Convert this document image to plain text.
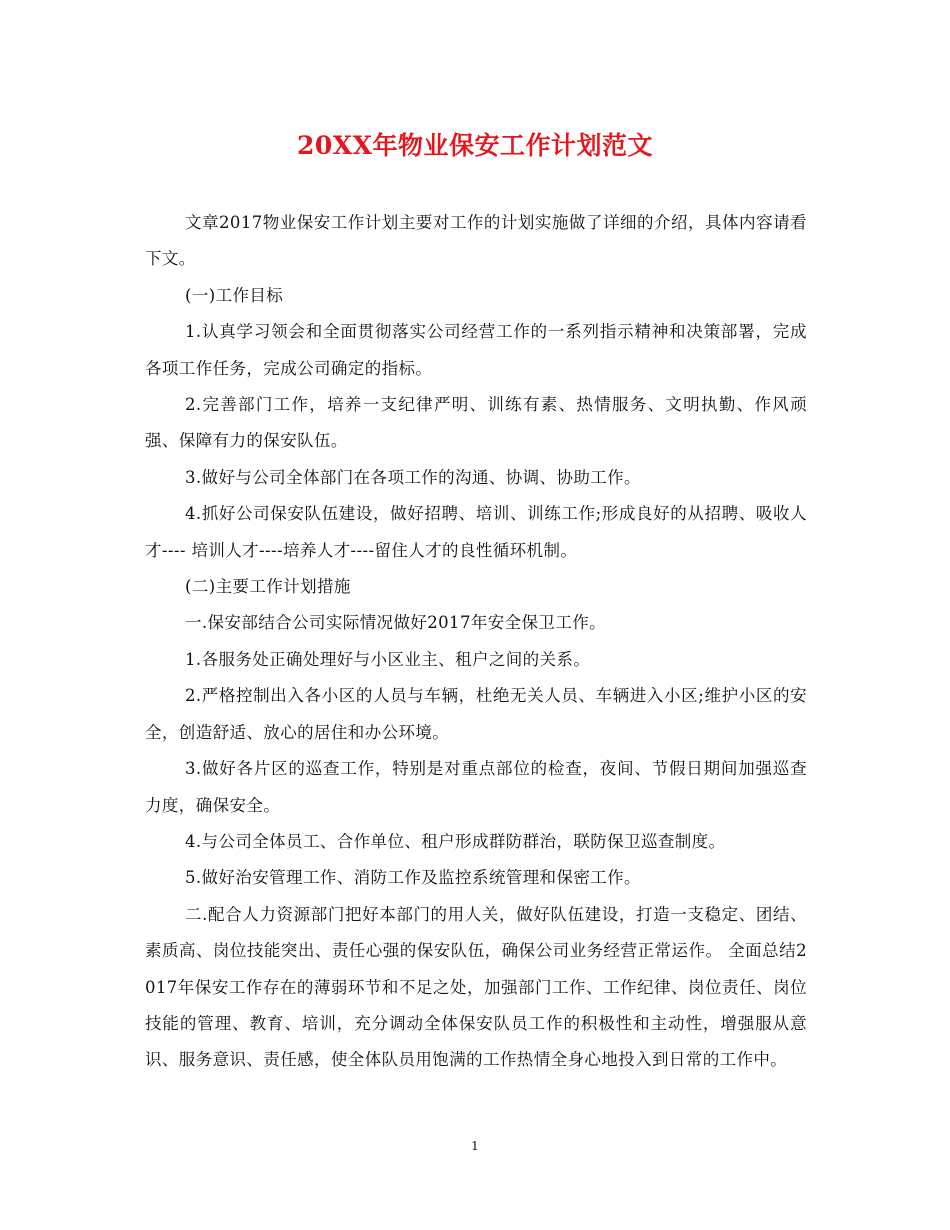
20XX年物业保安工作计划范文

文章2017物业保安工作计划主要对工作的计划实施做了详细的介绍，具体内容请看下文。

(一)工作目标

1.认真学习领会和全面贯彻落实公司经营工作的一系列指示精神和决策部署，完成各项工作任务，完成公司确定的指标。

2.完善部门工作，培养一支纪律严明、训练有素、热情服务、文明执勤、作风顽强、保障有力的保安队伍。

3.做好与公司全体部门在各项工作的沟通、协调、协助工作。

4.抓好公司保安队伍建设，做好招聘、培训、训练工作;形成良好的从招聘、吸收人才---- 培训人才----培养人才----留住人才的良性循环机制。

(二)主要工作计划措施

一.保安部结合公司实际情况做好2017年安全保卫工作。

1.各服务处正确处理好与小区业主、租户之间的关系。

2.严格控制出入各小区的人员与车辆，杜绝无关人员、车辆进入小区;维护小区的安全，创造舒适、放心的居住和办公环境。

3.做好各片区的巡查工作，特别是对重点部位的检查，夜间、节假日期间加强巡查力度，确保安全。

4.与公司全体员工、合作单位、租户形成群防群治，联防保卫巡查制度。

5.做好治安管理工作、消防工作及监控系统管理和保密工作。

二.配合人力资源部门把好本部门的用人关，做好队伍建设，打造一支稳定、团结、素质高、岗位技能突出、责任心强的保安队伍，确保公司业务经营正常运作。 全面总结2017年保安工作存在的薄弱环节和不足之处，加强部门工作、工作纪律、岗位责任、岗位技能的管理、教育、培训，充分调动全体保安队员工作的积极性和主动性，增强服从意识、服务意识、责任感，使全体队员用饱满的工作热情全身心地投入到日常的工作中。

1
